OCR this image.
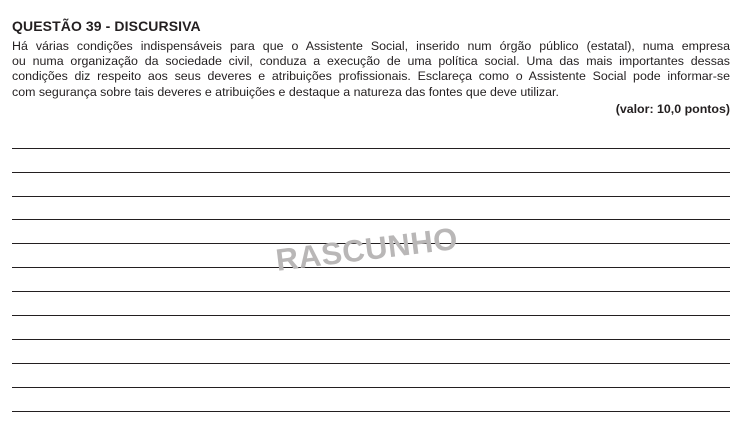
QUESTÃO 39 - DISCURSIVA
Há várias condições indispensáveis para que o Assistente Social, inserido num órgão público (estatal), numa empresa
ou numa organização da sociedade civil, conduza a execução de uma política social. Uma das mais importantes dessas
condições diz respeito aos seus deveres e atribuições profissionais. Esclareça como o Assistente Social pode informar-se
com segurança sobre tais deveres e atribuições e destaque a natureza das fontes que deve utilizar.
(valor: 10,0 pontos)
RASCUNHO
